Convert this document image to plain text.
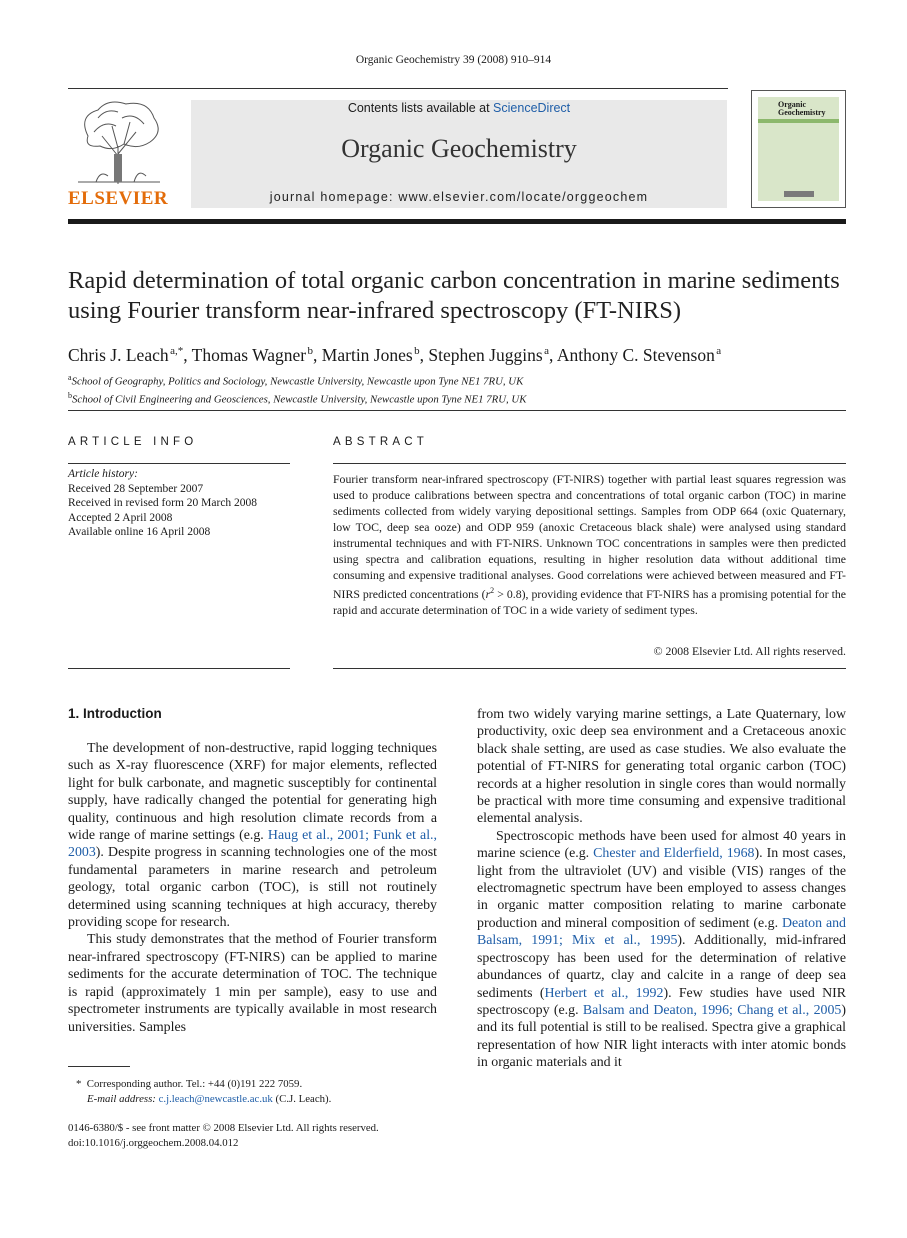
Organic Geochemistry 39 (2008) 910–914
ELSEVIER
Contents lists available at ScienceDirect
Organic Geochemistry
journal homepage: www.elsevier.com/locate/orggeochem
Organic Geochemistry
Rapid determination of total organic carbon concentration in marine sediments using Fourier transform near-infrared spectroscopy (FT-NIRS)
Chris J. Leach $^{a,*}$, Thomas Wagner $^b$, Martin Jones $^b$, Stephen Juggins $^a$, Anthony C. Stevenson $^a$
$^a$School of Geography, Politics and Sociology, Newcastle University, Newcastle upon Tyne NE1 7RU, UK
$^b$School of Civil Engineering and Geosciences, Newcastle University, Newcastle upon Tyne NE1 7RU, UK
ARTICLE INFO	ABSTRACT
Article history:
Received 28 September 2007
Received in revised form 20 March 2008
Accepted 2 April 2008
Available online 16 April 2008
Fourier transform near-infrared spectroscopy (FT-NIRS) together with partial least squares regression was used to produce calibrations between spectra and concentrations of total organic carbon (TOC) in marine sediments collected from widely varying depositional settings. Samples from ODP 664 (oxic Quaternary, low TOC, deep sea ooze) and ODP 959 (anoxic Cretaceous black shale) were analysed using standard instrumental techniques and with FT-NIRS. Unknown TOC concentrations in samples were then predicted using spectra and calibration equations, resulting in higher resolution data without additional time consuming and expensive traditional analyses. Good correlations were achieved between measured and FT-NIRS predicted concentrations $(r^2 > 0.8)$, providing evidence that FT-NIRS has a promising potential for the rapid and accurate determination of TOC in a wide variety of sediment types.
© 2008 Elsevier Ltd. All rights reserved.
1. Introduction

The development of non-destructive, rapid logging techniques such as X-ray fluorescence (XRF) for major elements, reflected light for bulk carbonate, and magnetic susceptibly for continental supply, have radically changed the potential for generating high quality, continuous and high resolution climate records from a wide range of marine settings (e.g. Haug et al., 2001; Funk et al., 2003). Despite progress in scanning technologies one of the most fundamental parameters in marine research and petroleum geology, total organic carbon (TOC), is still not routinely determined using scanning techniques at high accuracy, thereby providing scope for research.

This study demonstrates that the method of Fourier transform near-infrared spectroscopy (FT-NIRS) can be applied to marine sediments for the accurate determination of TOC. The technique is rapid (approximately 1 min per sample), easy to use and spectrometer instruments are typically available in most research universities. Samples

from two widely varying marine settings, a Late Quaternary, low productivity, oxic deep sea environment and a Cretaceous anoxic black shale setting, are used as case studies. We also evaluate the potential of FT-NIRS for generating total organic carbon (TOC) records at a higher resolution in single cores than would normally be practical with more time consuming and expensive traditional elemental analysis.

Spectroscopic methods have been used for almost 40 years in marine science (e.g. Chester and Elderfield, 1968). In most cases, light from the ultraviolet (UV) and visible (VIS) ranges of the electromagnetic spectrum have been employed to assess changes in organic matter composition relating to marine carbonate production and mineral composition of sediment (e.g. Deaton and Balsam, 1991; Mix et al., 1995). Additionally, mid-infrared spectroscopy has been used for the determination of relative abundances of quartz, clay and calcite in a range of deep sea sediments (Herbert et al., 1992). Few studies have used NIR spectroscopy (e.g. Balsam and Deaton, 1996; Chang et al., 2005) and its full potential is still to be realised. Spectra give a graphical representation of how NIR light interacts with inter atomic bonds in organic materials and it

*  Corresponding author. Tel.: +44 (0)191 222 7059.
E-mail address: c.j.leach@newcastle.ac.uk (C.J. Leach).
0146-6380/$ - see front matter © 2008 Elsevier Ltd. All rights reserved.
doi:10.1016/j.orggeochem.2008.04.012
